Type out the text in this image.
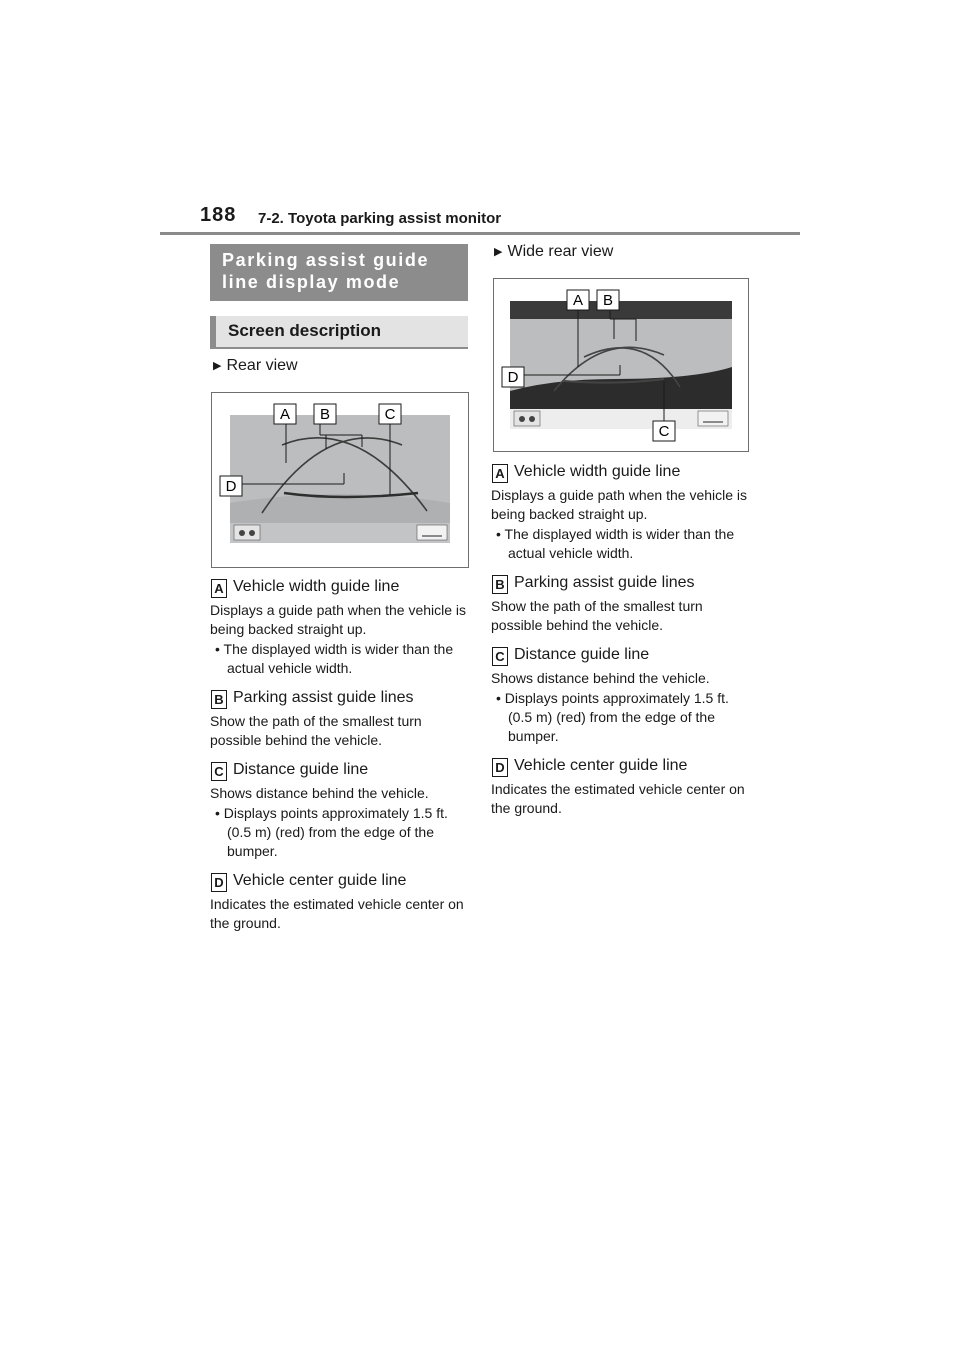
188 7-2. Toyota parking assist monitor
Parking assist guide
line display mode
Screen description
▶ Rear view
A B	C
D
A Vehicle width guide line
Displays a guide path when the vehicle is being backed straight up.
• The displayed width is wider than the actual vehicle width.
B Parking assist guide lines
Show the path of the smallest turn possible behind the vehicle.
C Distance guide line
Shows distance behind the vehicle.
• Displays points approximately 1.5 ft. (0.5 m) (red) from the edge of the bumper.
D Vehicle center guide line
Indicates the estimated vehicle center on the ground.
▶ Wide rear view
A B
D
C
A Vehicle width guide line
Displays a guide path when the vehicle is being backed straight up.
• The displayed width is wider than the actual vehicle width.
B Parking assist guide lines
Show the path of the smallest turn possible behind the vehicle.
C Distance guide line
Shows distance behind the vehicle.
• Displays points approximately 1.5 ft. (0.5 m) (red) from the edge of the bumper.
D Vehicle center guide line
Indicates the estimated vehicle center on the ground.
